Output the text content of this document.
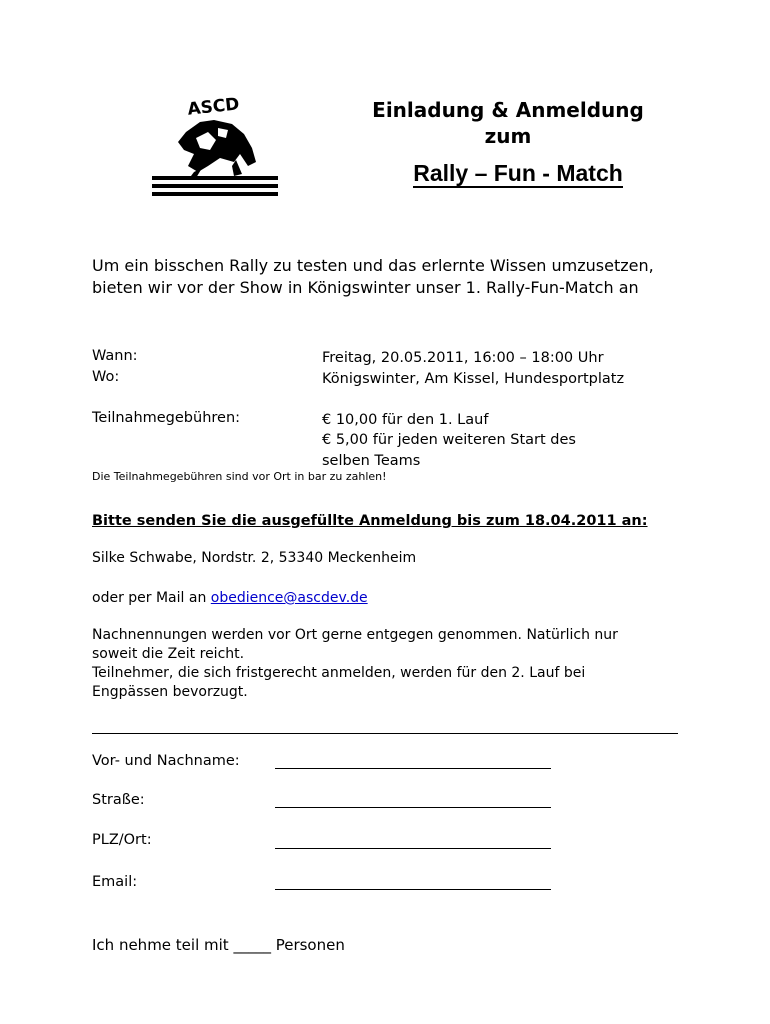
ASCD	Einladung & Anmeldung
zum
Rally – Fun - Match
Um ein bisschen Rally zu testen und das erlernte Wissen umzusetzen, bieten wir vor der Show in Königswinter unser 1. Rally-Fun-Match an
Wann:	Freitag, 20.05.2011, 16:00 – 18:00 Uhr
Wo:	Königswinter, Am Kissel, Hundesportplatz
Teilnahmegebühren:	€ 10,00 für den 1. Lauf
€ 5,00 für jeden weiteren Start des
selben Teams
Die Teilnahmegebühren sind vor Ort in bar zu zahlen!
Bitte senden Sie die ausgefüllte Anmeldung bis zum 18.04.2011 an:
Silke Schwabe, Nordstr. 2, 53340 Meckenheim
oder per Mail an obedience@ascdev.de
Nachnennungen werden vor Ort gerne entgegen genommen. Natürlich nur
soweit die Zeit reicht.
Teilnehmer, die sich fristgerecht anmelden, werden für den 2. Lauf bei
Engpässen bevorzugt.
Vor- und Nachname:
Straße:
PLZ/Ort:
Email:
Ich nehme teil mit _____ Personen
